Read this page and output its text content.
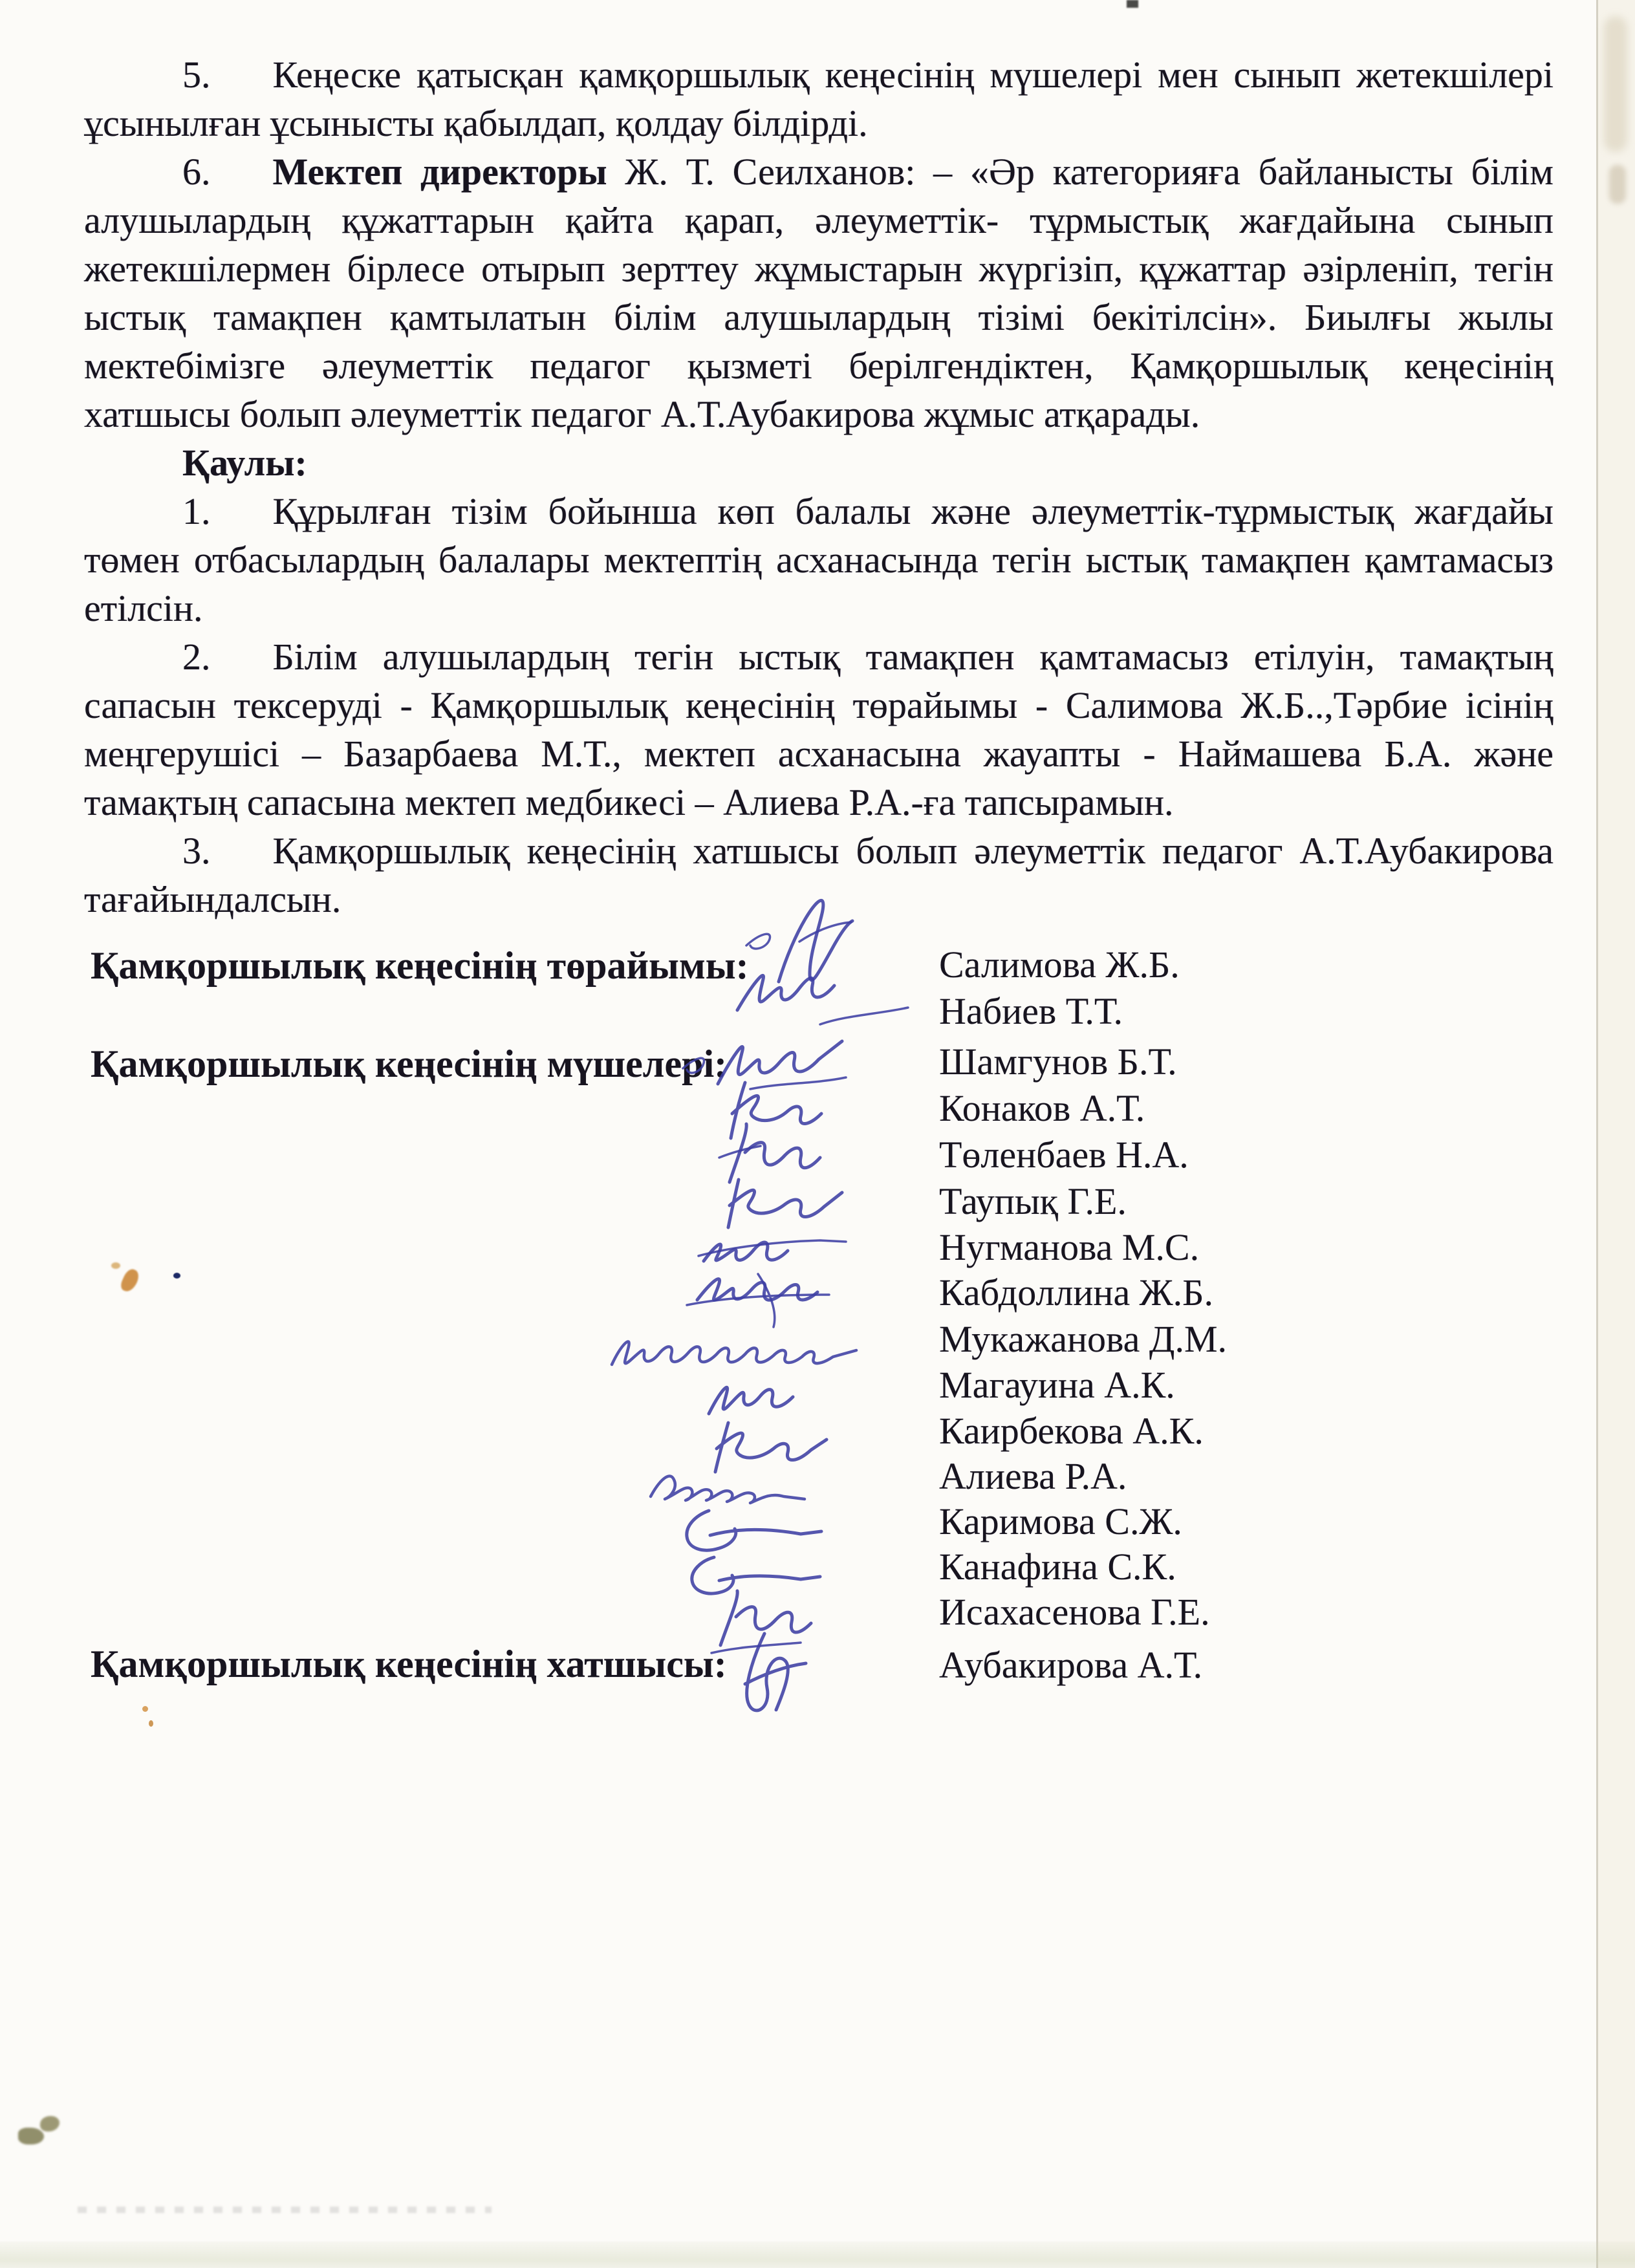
5. Кеңеске қатысқан қамқоршылық кеңесінің мүшелері мен сынып жетекшілері
ұсынылған ұсынысты қабылдап, қолдау білдірді.
6. Мектеп директоры Ж. Т. Сеилханов: – «Әр категорияға байланысты білім
алушылардың құжаттарын қайта қарап, әлеуметтік- тұрмыстық жағдайына сынып
жетекшілермен бірлесе отырып зерттеу жұмыстарын жүргізіп, құжаттар әзірленіп, тегін
ыстық тамақпен қамтылатын білім алушылардың тізімі бекітілсін». Биылғы жылы
мектебімізге әлеуметтік педагог қызметі берілгендіктен, Қамқоршылық кеңесінің
хатшысы болып әлеуметтік педагог А.Т.Аубакирова жұмыс атқарады.
Қаулы:
1. Құрылған тізім бойынша көп балалы және әлеуметтік-тұрмыстық жағдайы
төмен отбасылардың балалары мектептің асханасында тегін ыстық тамақпен қамтамасыз
етілсін.
2. Білім алушылардың тегін ыстық тамақпен қамтамасыз етілуін, тамақтың
сапасын тексеруді - Қамқоршылық кеңесінің төрайымы - Салимова Ж.Б..,Тәрбие ісінің
меңгерушісі – Базарбаева М.Т., мектеп асханасына жауапты - Наймашева Б.А. және
тамақтың сапасына мектеп медбикесі – Алиева Р.А.-ға тапсырамын.
3. Қамқоршылық кеңесінің хатшысы болып әлеуметтік педагог А.Т.Аубакирова
тағайындалсын.
Қамқоршылық кеңесінің төрайымы:
Қамқоршылық кеңесінің мүшелері:
Қамқоршылық кеңесінің хатшысы:
Салимова Ж.Б.
Набиев Т.Т.
Шамгунов Б.Т.
Конаков А.Т.
Төленбаев Н.А.
Таупық Г.Е.
Нугманова М.С.
Кабдоллина Ж.Б.
Мукажанова Д.М.
Магауина А.К.
Каирбекова А.К.
Алиева Р.А.
Каримова С.Ж.
Канафина С.К.
Исахасенова Г.Е.
Аубакирова А.Т.
